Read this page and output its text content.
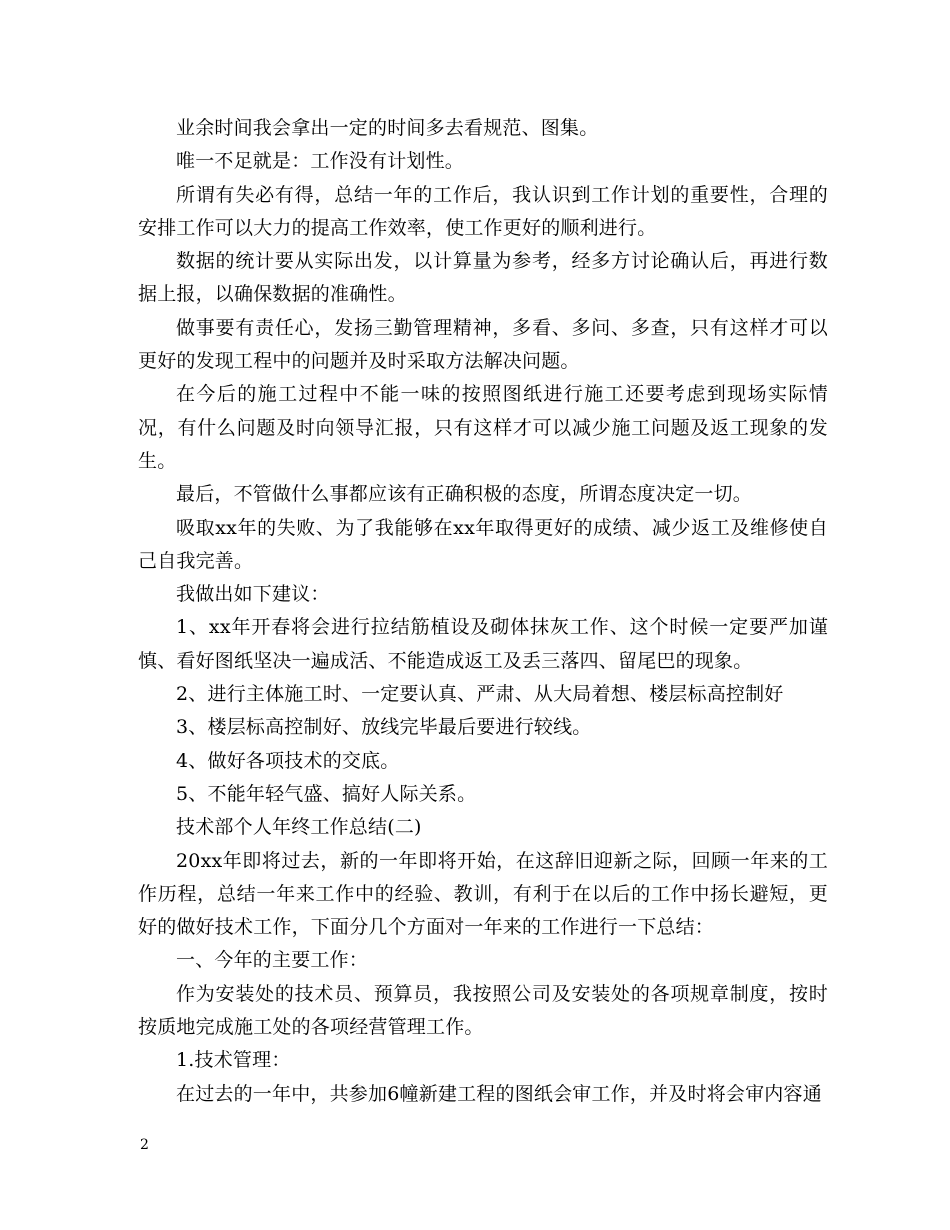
业余时间我会拿出一定的时间多去看规范、图集。

唯一不足就是：工作没有计划性。

所谓有失必有得，总结一年的工作后，我认识到工作计划的重要性，合理的安排工作可以大力的提高工作效率，使工作更好的顺利进行。

数据的统计要从实际出发，以计算量为参考，经多方讨论确认后，再进行数据上报，以确保数据的准确性。

做事要有责任心，发扬三勤管理精神，多看、多问、多查，只有这样才可以更好的发现工程中的问题并及时采取方法解决问题。

在今后的施工过程中不能一味的按照图纸进行施工还要考虑到现场实际情况，有什么问题及时向领导汇报，只有这样才可以减少施工问题及返工现象的发生。

最后，不管做什么事都应该有正确积极的态度，所谓态度决定一切。

吸取xx年的失败、为了我能够在xx年取得更好的成绩、减少返工及维修使自己自我完善。

我做出如下建议：

1、xx年开春将会进行拉结筋植设及砌体抹灰工作、这个时候一定要严加谨慎、看好图纸坚决一遍成活、不能造成返工及丢三落四、留尾巴的现象。

2、进行主体施工时、一定要认真、严肃、从大局着想、楼层标高控制好

3、楼层标高控制好、放线完毕最后要进行较线。

4、做好各项技术的交底。

5、不能年轻气盛、搞好人际关系。

技术部个人年终工作总结(二)

20xx年即将过去，新的一年即将开始，在这辞旧迎新之际，回顾一年来的工作历程，总结一年来工作中的经验、教训，有利于在以后的工作中扬长避短，更好的做好技术工作，下面分几个方面对一年来的工作进行一下总结：

一、今年的主要工作：

作为安装处的技术员、预算员，我按照公司及安装处的各项规章制度，按时按质地完成施工处的各项经营管理工作。

1.技术管理：

在过去的一年中，共参加6幢新建工程的图纸会审工作，并及时将会审内容通

2
